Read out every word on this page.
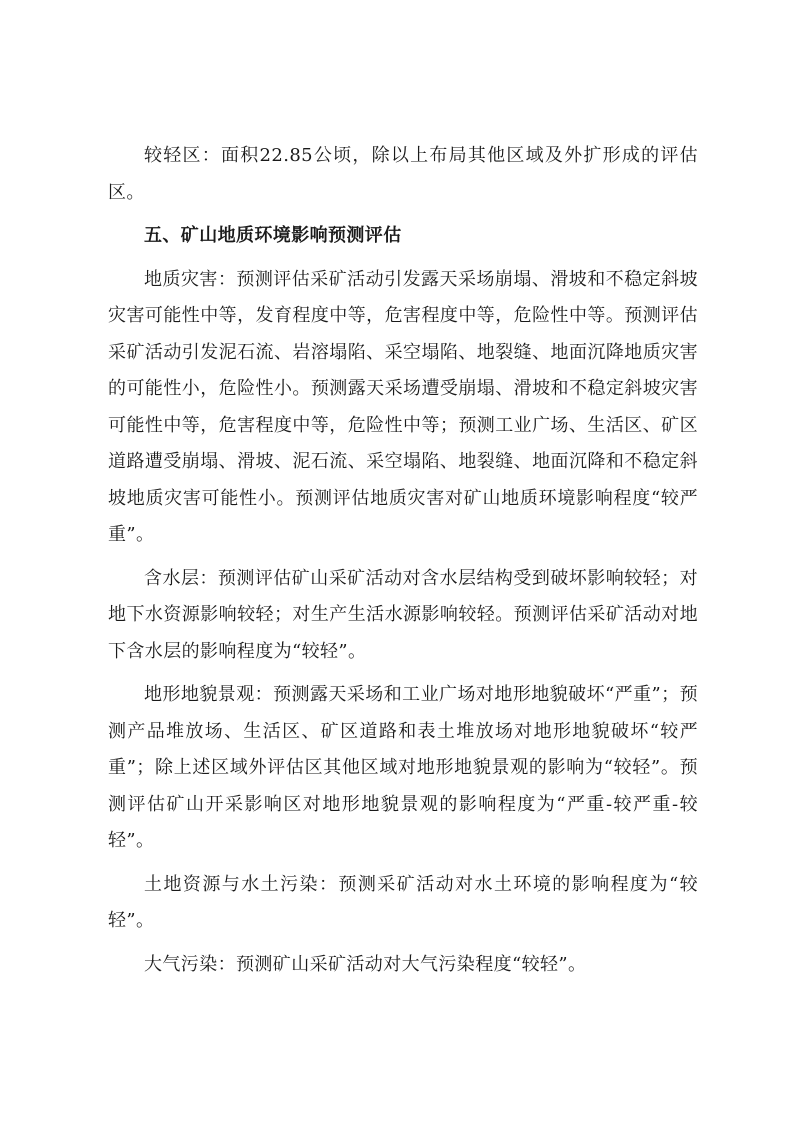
较轻区：面积22.85公顷，除以上布局其他区域及外扩形成的评估区。

五、矿山地质环境影响预测评估

地质灾害：预测评估采矿活动引发露天采场崩塌、滑坡和不稳定斜坡灾害可能性中等，发育程度中等，危害程度中等，危险性中等。预测评估采矿活动引发泥石流、岩溶塌陷、采空塌陷、地裂缝、地面沉降地质灾害的可能性小，危险性小。预测露天采场遭受崩塌、滑坡和不稳定斜坡灾害可能性中等，危害程度中等，危险性中等；预测工业广场、生活区、矿区道路遭受崩塌、滑坡、泥石流、采空塌陷、地裂缝、地面沉降和不稳定斜坡地质灾害可能性小。预测评估地质灾害对矿山地质环境影响程度“较严重”。

含水层：预测评估矿山采矿活动对含水层结构受到破坏影响较轻；对地下水资源影响较轻；对生产生活水源影响较轻。预测评估采矿活动对地下含水层的影响程度为“较轻”。

地形地貌景观：预测露天采场和工业广场对地形地貌破坏“严重”；预测产品堆放场、生活区、矿区道路和表土堆放场对地形地貌破坏“较严重”；除上述区域外评估区其他区域对地形地貌景观的影响为“较轻”。预测评估矿山开采影响区对地形地貌景观的影响程度为“严重-较严重-较轻”。

土地资源与水土污染：预测采矿活动对水土环境的影响程度为“较轻”。

大气污染：预测矿山采矿活动对大气污染程度“较轻”。
